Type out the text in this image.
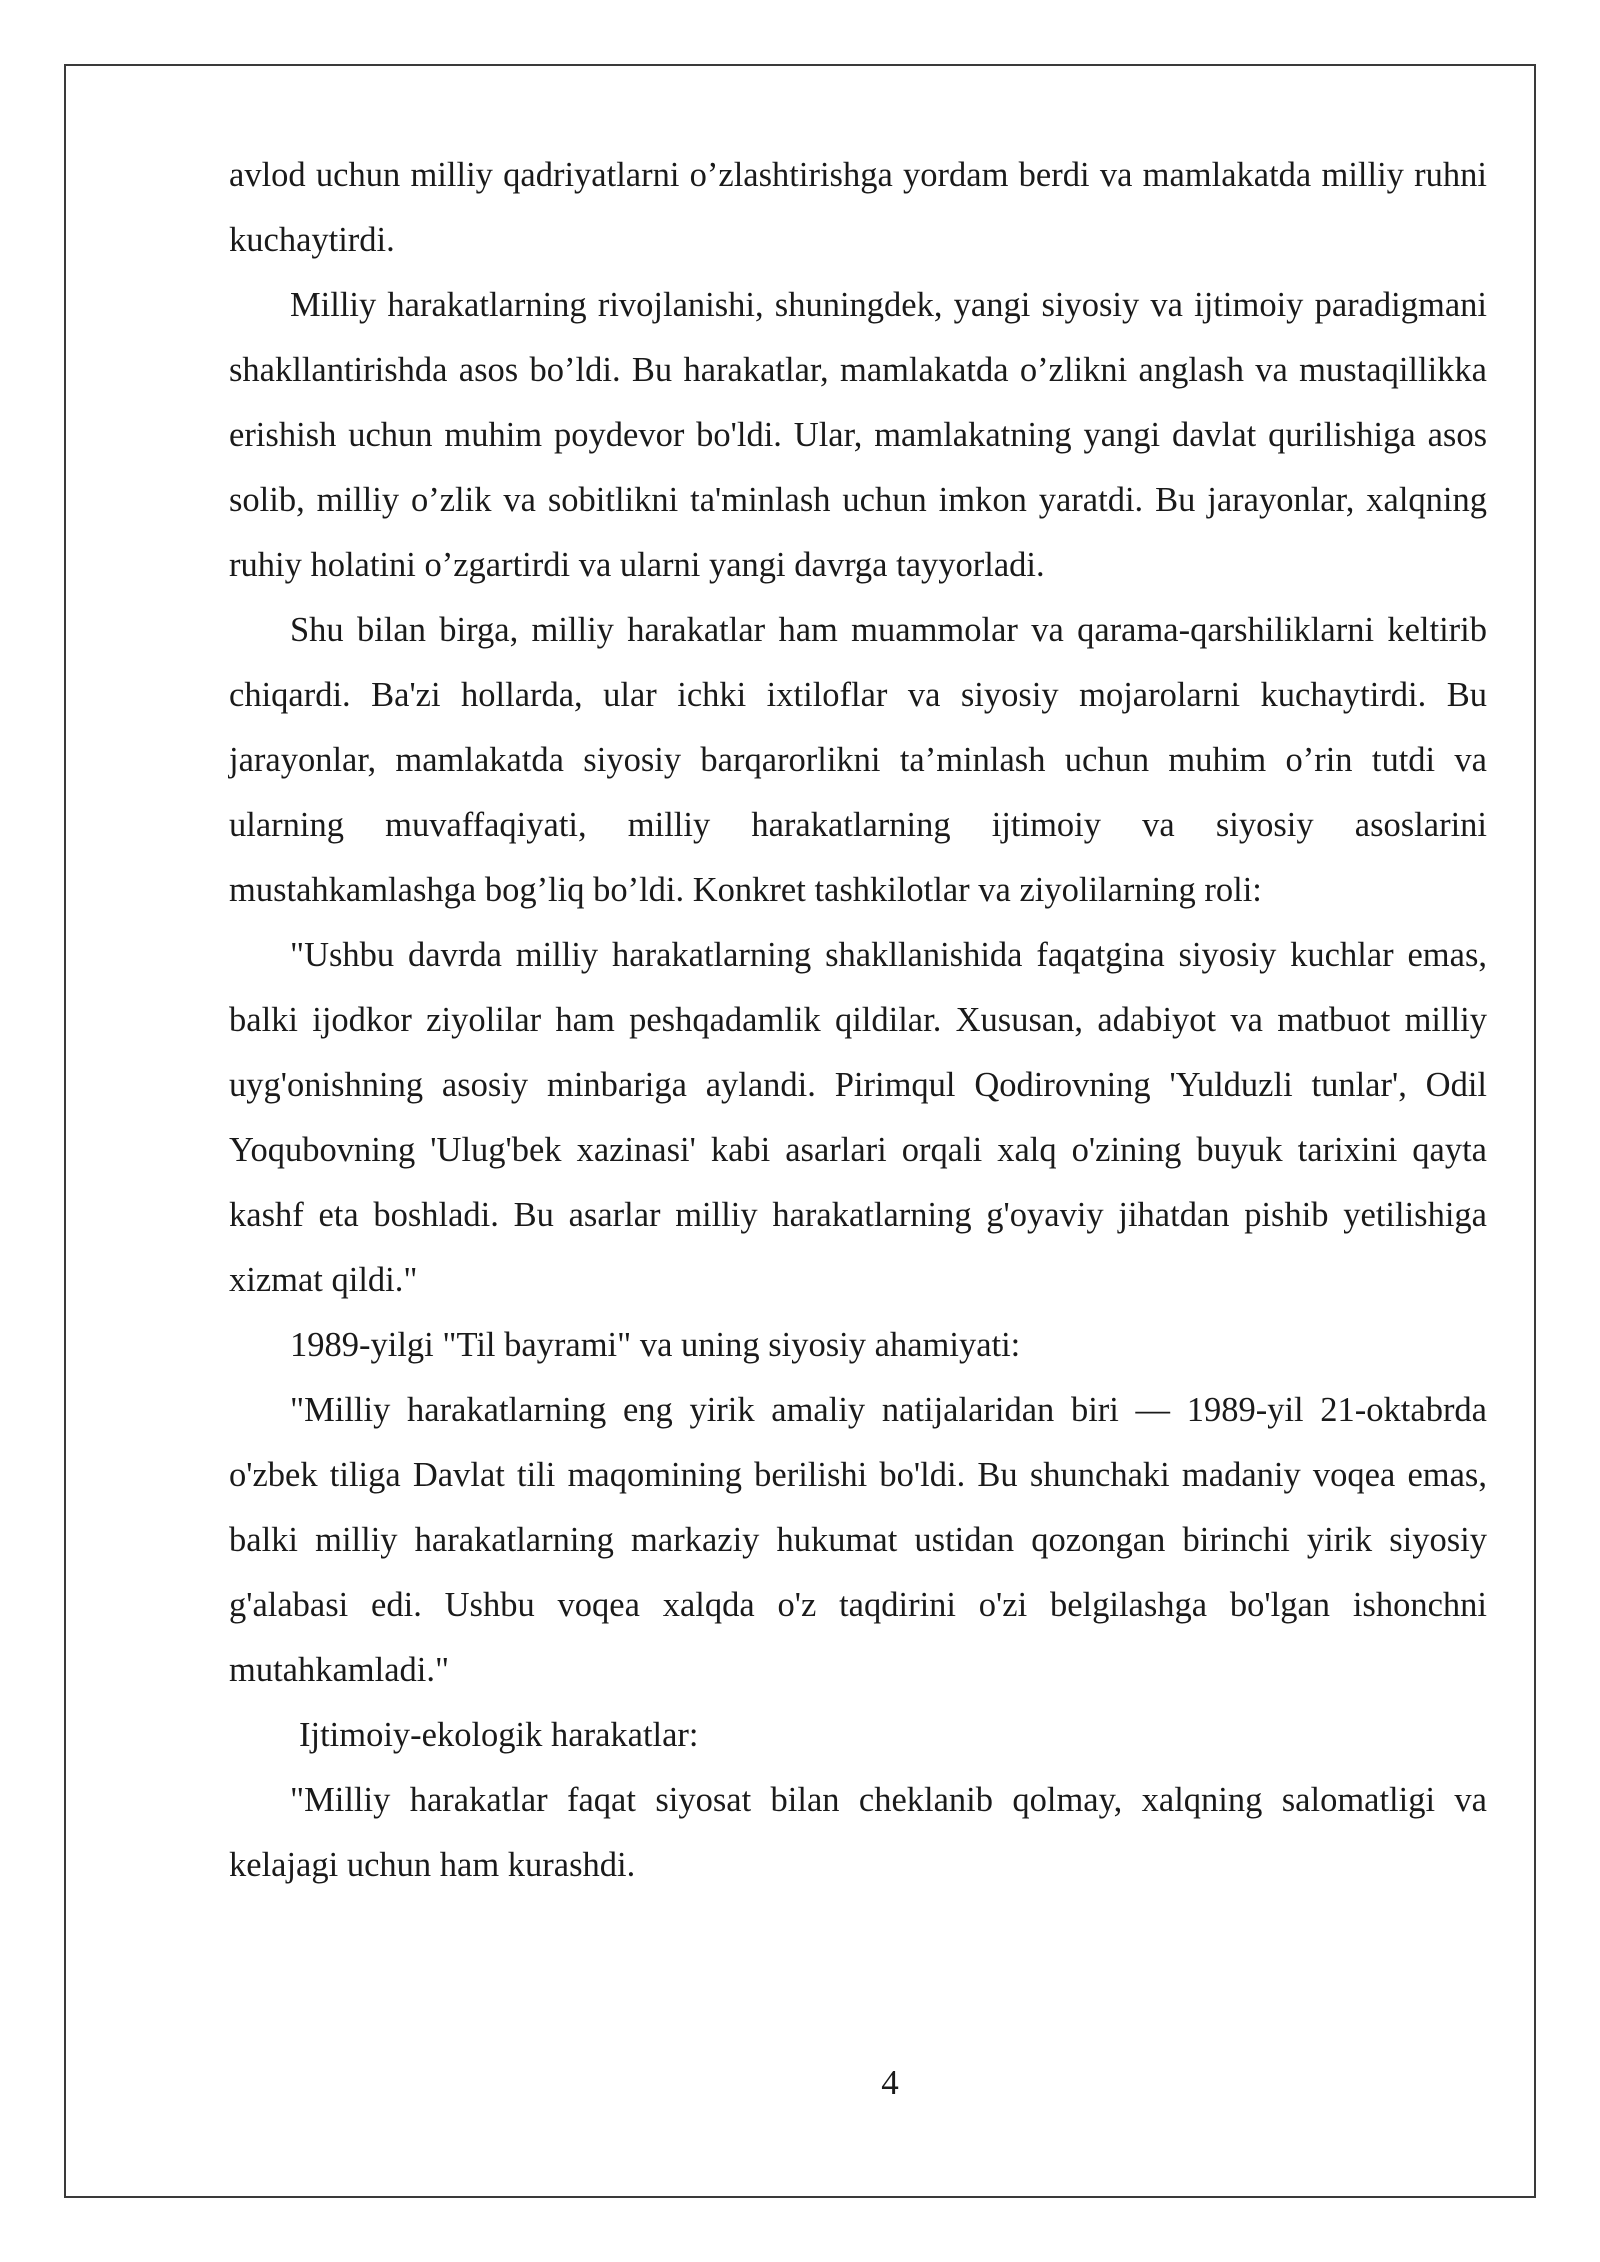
avlod uchun milliy qadriyatlarni o’zlashtirishga yordam berdi va mamlakatda milliy ruhni kuchaytirdi.

Milliy harakatlarning rivojlanishi, shuningdek, yangi siyosiy va ijtimoiy paradigmani shakllantirishda asos bo’ldi. Bu harakatlar, mamlakatda o’zlikni anglash va mustaqillikka erishish uchun muhim poydevor bo'ldi. Ular, mamlakatning yangi davlat qurilishiga asos solib, milliy o’zlik va sobitlikni ta'minlash uchun imkon yaratdi. Bu jarayonlar, xalqning ruhiy holatini o’zgartirdi va ularni yangi davrga tayyorladi.

Shu bilan birga, milliy harakatlar ham muammolar va qarama-qarshiliklarni keltirib chiqardi. Ba'zi hollarda, ular ichki ixtiloflar va siyosiy mojarolarni kuchaytirdi. Bu jarayonlar, mamlakatda siyosiy barqarorlikni ta’minlash uchun muhim o’rin tutdi va ularning muvaffaqiyati, milliy harakatlarning ijtimoiy va siyosiy asoslarini mustahkamlashga bog’liq bo’ldi. Konkret tashkilotlar va ziyolilarning roli:

"Ushbu davrda milliy harakatlarning shakllanishida faqatgina siyosiy kuchlar emas, balki ijodkor ziyolilar ham peshqadamlik qildilar. Xususan, adabiyot va matbuot milliy uyg'onishning asosiy minbariga aylandi. Pirimqul Qodirovning 'Yulduzli tunlar', Odil Yoqubovning 'Ulug'bek xazinasi' kabi asarlari orqali xalq o'zining buyuk tarixini qayta kashf eta boshladi. Bu asarlar milliy harakatlarning g'oyaviy jihatdan pishib yetilishiga xizmat qildi."

1989-yilgi "Til bayrami" va uning siyosiy ahamiyati:

"Milliy harakatlarning eng yirik amaliy natijalaridan biri — 1989-yil 21-oktabrda o'zbek tiliga Davlat tili maqomining berilishi bo'ldi. Bu shunchaki madaniy voqea emas, balki milliy harakatlarning markaziy hukumat ustidan qozongan birinchi yirik siyosiy g'alabasi edi. Ushbu voqea xalqda o'z taqdirini o'zi belgilashga bo'lgan ishonchni mutahkamladi."

Ijtimoiy-ekologik harakatlar:

"Milliy harakatlar faqat siyosat bilan cheklanib qolmay, xalqning salomatligi va kelajagi uchun ham kurashdi.

4
